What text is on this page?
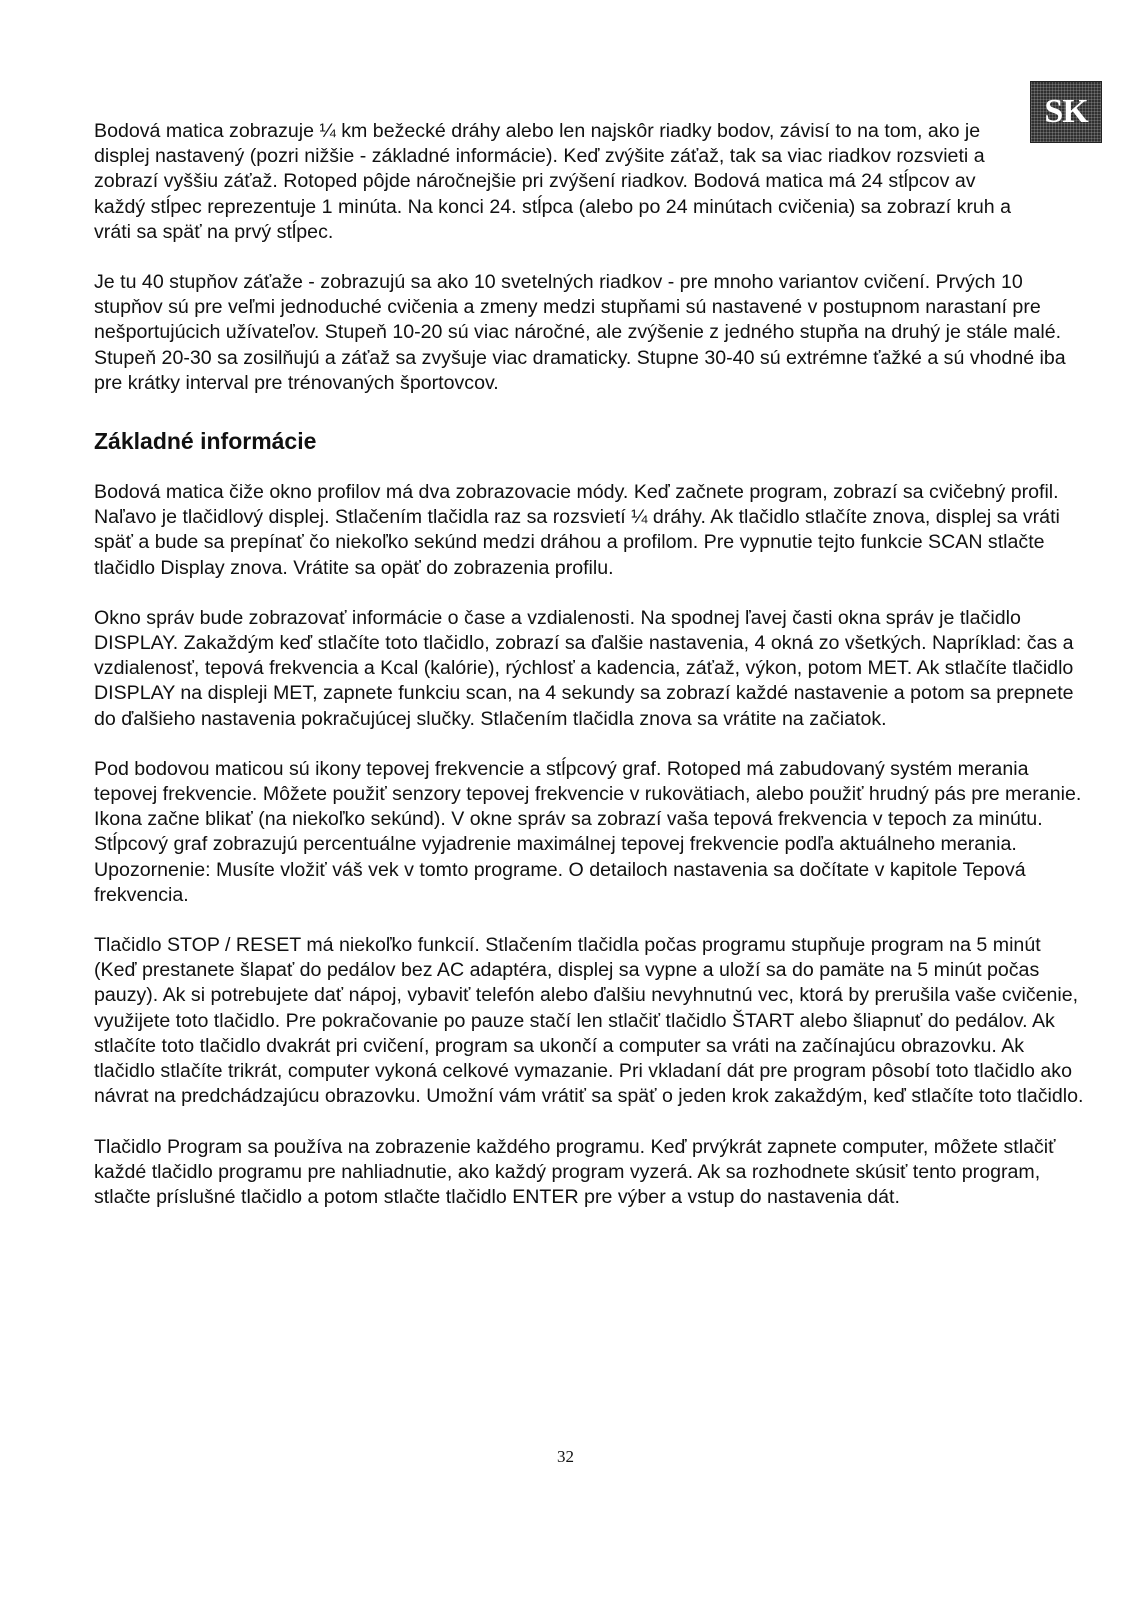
SK

Bodová matica zobrazuje ¼ km bežecké dráhy alebo len najskôr riadky bodov, závisí to na tom, ako je displej nastavený (pozri nižšie - základné informácie). Keď zvýšite záťaž, tak sa viac riadkov rozsvieti a zobrazí vyššiu záťaž. Rotoped pôjde náročnejšie pri zvýšení riadkov. Bodová matica má 24 stĺpcov av každý stĺpec reprezentuje 1 minúta. Na konci 24. stĺpca (alebo po 24 minútach cvičenia) sa zobrazí kruh a vráti sa späť na prvý stĺpec.

Je tu 40 stupňov záťaže - zobrazujú sa ako 10 svetelných riadkov - pre mnoho variantov cvičení. Prvých 10 stupňov sú pre veľmi jednoduché cvičenia a zmeny medzi stupňami sú nastavené v postupnom narastaní pre nešportujúcich užívateľov. Stupeň 10-20 sú viac náročné, ale zvýšenie z jedného stupňa na druhý je stále malé. Stupeň 20-30 sa zosilňujú a záťaž sa zvyšuje viac dramaticky. Stupne 30-40 sú extrémne ťažké a sú vhodné iba pre krátky interval pre trénovaných športovcov.

Základné informácie

Bodová matica čiže okno profilov má dva zobrazovacie módy. Keď začnete program, zobrazí sa cvičebný profil. Naľavo je tlačidlový displej. Stlačením tlačidla raz sa rozsvietí ¼ dráhy. Ak tlačidlo stlačíte znova, displej sa vráti späť a bude sa prepínať čo niekoľko sekúnd medzi dráhou a profilom. Pre vypnutie tejto funkcie SCAN stlačte tlačidlo Display znova. Vrátite sa opäť do zobrazenia profilu.

Okno správ bude zobrazovať informácie o čase a vzdialenosti. Na spodnej ľavej časti okna správ je tlačidlo DISPLAY. Zakaždým keď stlačíte toto tlačidlo, zobrazí sa ďalšie nastavenia, 4 okná zo všetkých. Napríklad: čas a vzdialenosť, tepová frekvencia a Kcal (kalórie), rýchlosť a kadencia, záťaž, výkon, potom MET. Ak stlačíte tlačidlo DISPLAY na displeji MET, zapnete funkciu scan, na 4 sekundy sa zobrazí každé nastavenie a potom sa prepnete do ďalšieho nastavenia pokračujúcej slučky. Stlačením tlačidla znova sa vrátite na začiatok.

Pod bodovou maticou sú ikony tepovej frekvencie a stĺpcový graf. Rotoped má zabudovaný systém merania tepovej frekvencie. Môžete použiť senzory tepovej frekvencie v rukovätiach, alebo použiť hrudný pás pre meranie. Ikona začne blikať (na niekoľko sekúnd). V okne správ sa zobrazí vaša tepová frekvencia v tepoch za minútu. Stĺpcový graf zobrazujú percentuálne vyjadrenie maximálnej tepovej frekvencie podľa aktuálneho merania. Upozornenie: Musíte vložiť váš vek v tomto programe. O detailoch nastavenia sa dočítate v kapitole Tepová frekvencia.

Tlačidlo STOP / RESET má niekoľko funkcií. Stlačením tlačidla počas programu stupňuje program na 5 minút (Keď prestanete šlapať do pedálov bez AC adaptéra, displej sa vypne a uloží sa do pamäte na 5 minút počas pauzy). Ak si potrebujete dať nápoj, vybaviť telefón alebo ďalšiu nevyhnutnú vec, ktorá by prerušila vaše cvičenie, využijete toto tlačidlo. Pre pokračovanie po pauze stačí len stlačiť tlačidlo ŠTART alebo šliapnuť do pedálov. Ak stlačíte toto tlačidlo dvakrát pri cvičení, program sa ukončí a computer sa vráti na začínajúcu obrazovku. Ak tlačidlo stlačíte trikrát, computer vykoná celkové vymazanie. Pri vkladaní dát pre program pôsobí toto tlačidlo ako návrat na predchádzajúcu obrazovku. Umožní vám vrátiť sa späť o jeden krok zakaždým, keď stlačíte toto tlačidlo.

Tlačidlo Program sa používa na zobrazenie každého programu. Keď prvýkrát zapnete computer, môžete stlačiť každé tlačidlo programu pre nahliadnutie, ako každý program vyzerá. Ak sa rozhodnete skúsiť tento program, stlačte príslušné tlačidlo a potom stlačte tlačidlo ENTER pre výber a vstup do nastavenia dát.

32
